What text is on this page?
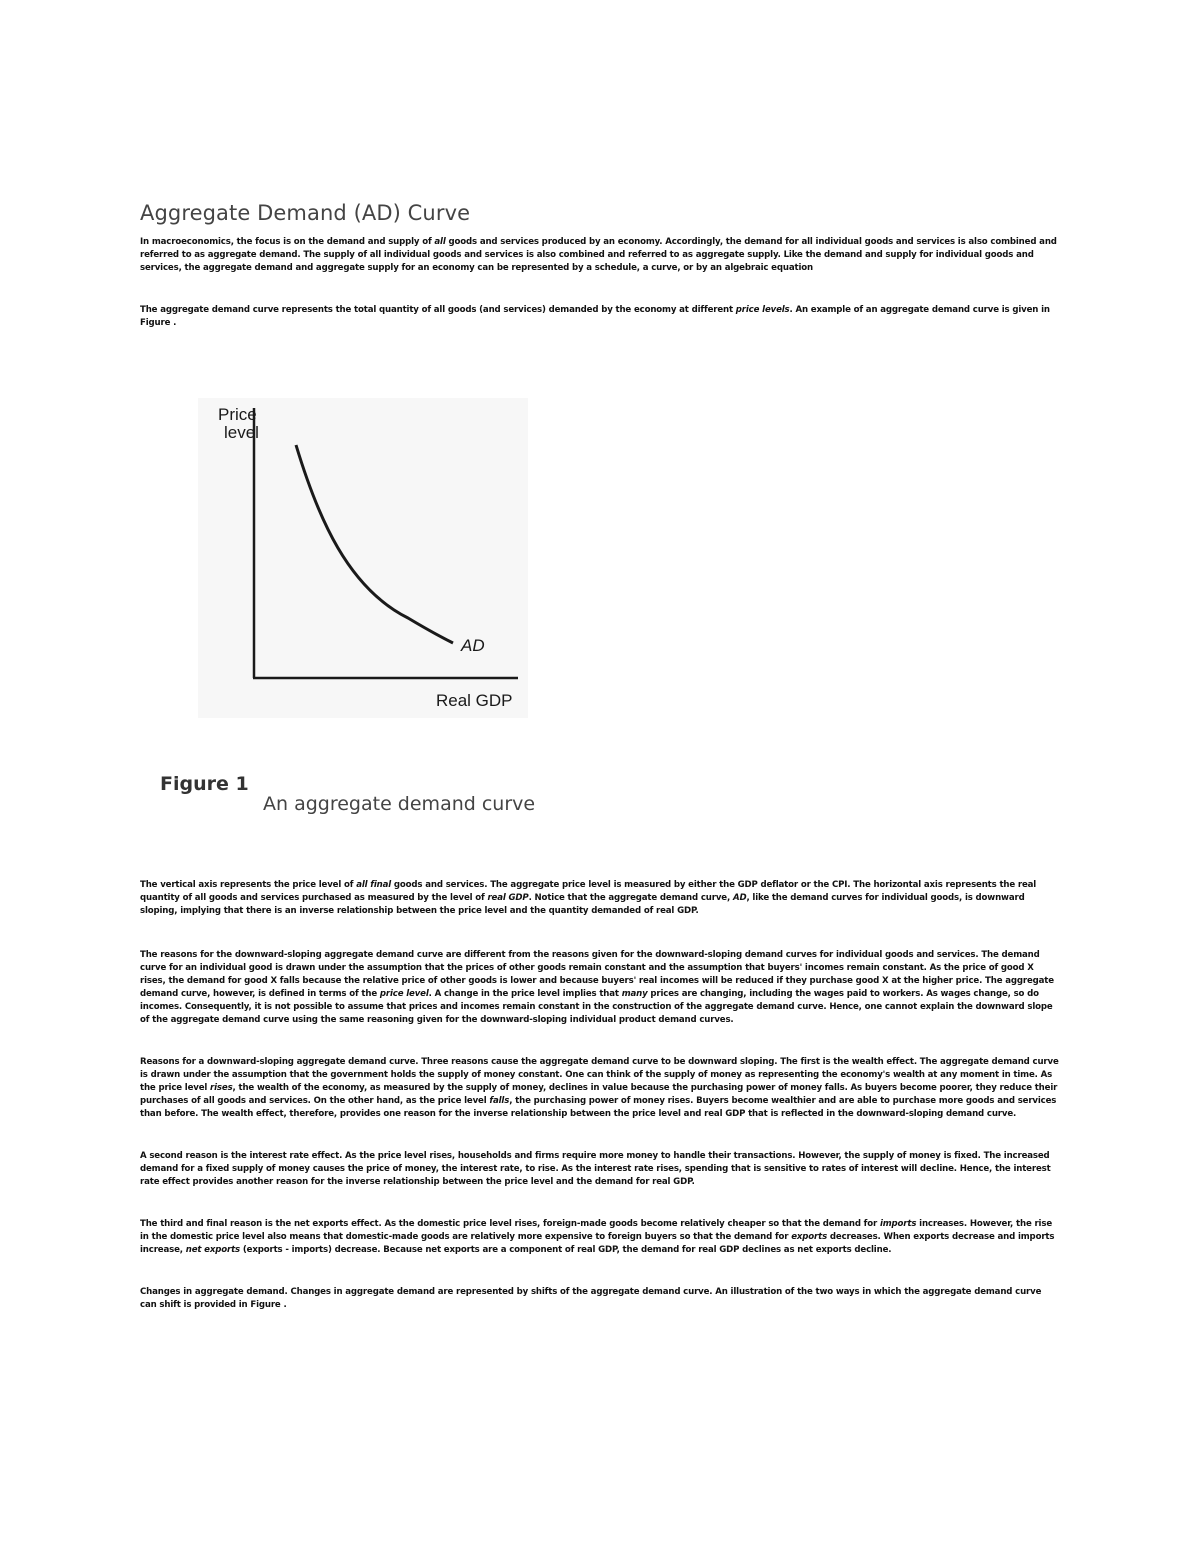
Aggregate Demand (AD) Curve

In macroeconomics, the focus is on the demand and supply of all goods and services produced by an economy. Accordingly, the demand for all individual goods and services is also combined and referred to as aggregate demand. The supply of all individual goods and services is also combined and referred to as aggregate supply. Like the demand and supply for individual goods and services, the aggregate demand and aggregate supply for an economy can be represented by a schedule, a curve, or by an algebraic equation

The aggregate demand curve represents the total quantity of all goods (and services) demanded by the economy at different price levels. An example of an aggregate demand curve is given in Figure .

Price
level
AD
Real GDP
Figure 1
An aggregate demand curve

The vertical axis represents the price level of all final goods and services. The aggregate price level is measured by either the GDP deflator or the CPI. The horizontal axis represents the real quantity of all goods and services purchased as measured by the level of real GDP. Notice that the aggregate demand curve, AD, like the demand curves for individual goods, is downward sloping, implying that there is an inverse relationship between the price level and the quantity demanded of real GDP.

The reasons for the downward-sloping aggregate demand curve are different from the reasons given for the downward-sloping demand curves for individual goods and services. The demand curve for an individual good is drawn under the assumption that the prices of other goods remain constant and the assumption that buyers' incomes remain constant. As the price of good X rises, the demand for good X falls because the relative price of other goods is lower and because buyers' real incomes will be reduced if they purchase good X at the higher price. The aggregate demand curve, however, is defined in terms of the price level. A change in the price level implies that many prices are changing, including the wages paid to workers. As wages change, so do incomes. Consequently, it is not possible to assume that prices and incomes remain constant in the construction of the aggregate demand curve. Hence, one cannot explain the downward slope of the aggregate demand curve using the same reasoning given for the downward-sloping individual product demand curves.

Reasons for a downward-sloping aggregate demand curve. Three reasons cause the aggregate demand curve to be downward sloping. The first is the wealth effect. The aggregate demand curve is drawn under the assumption that the government holds the supply of money constant. One can think of the supply of money as representing the economy's wealth at any moment in time. As the price level rises, the wealth of the economy, as measured by the supply of money, declines in value because the purchasing power of money falls. As buyers become poorer, they reduce their purchases of all goods and services. On the other hand, as the price level falls, the purchasing power of money rises. Buyers become wealthier and are able to purchase more goods and services than before. The wealth effect, therefore, provides one reason for the inverse relationship between the price level and real GDP that is reflected in the downward-sloping demand curve.

A second reason is the interest rate effect. As the price level rises, households and firms require more money to handle their transactions. However, the supply of money is fixed. The increased demand for a fixed supply of money causes the price of money, the interest rate, to rise. As the interest rate rises, spending that is sensitive to rates of interest will decline. Hence, the interest rate effect provides another reason for the inverse relationship between the price level and the demand for real GDP.

The third and final reason is the net exports effect. As the domestic price level rises, foreign-made goods become relatively cheaper so that the demand for imports increases. However, the rise in the domestic price level also means that domestic-made goods are relatively more expensive to foreign buyers so that the demand for exports decreases. When exports decrease and imports increase, net exports (exports - imports) decrease. Because net exports are a component of real GDP, the demand for real GDP declines as net exports decline.

Changes in aggregate demand. Changes in aggregate demand are represented by shifts of the aggregate demand curve. An illustration of the two ways in which the aggregate demand curve can shift is provided in Figure .
